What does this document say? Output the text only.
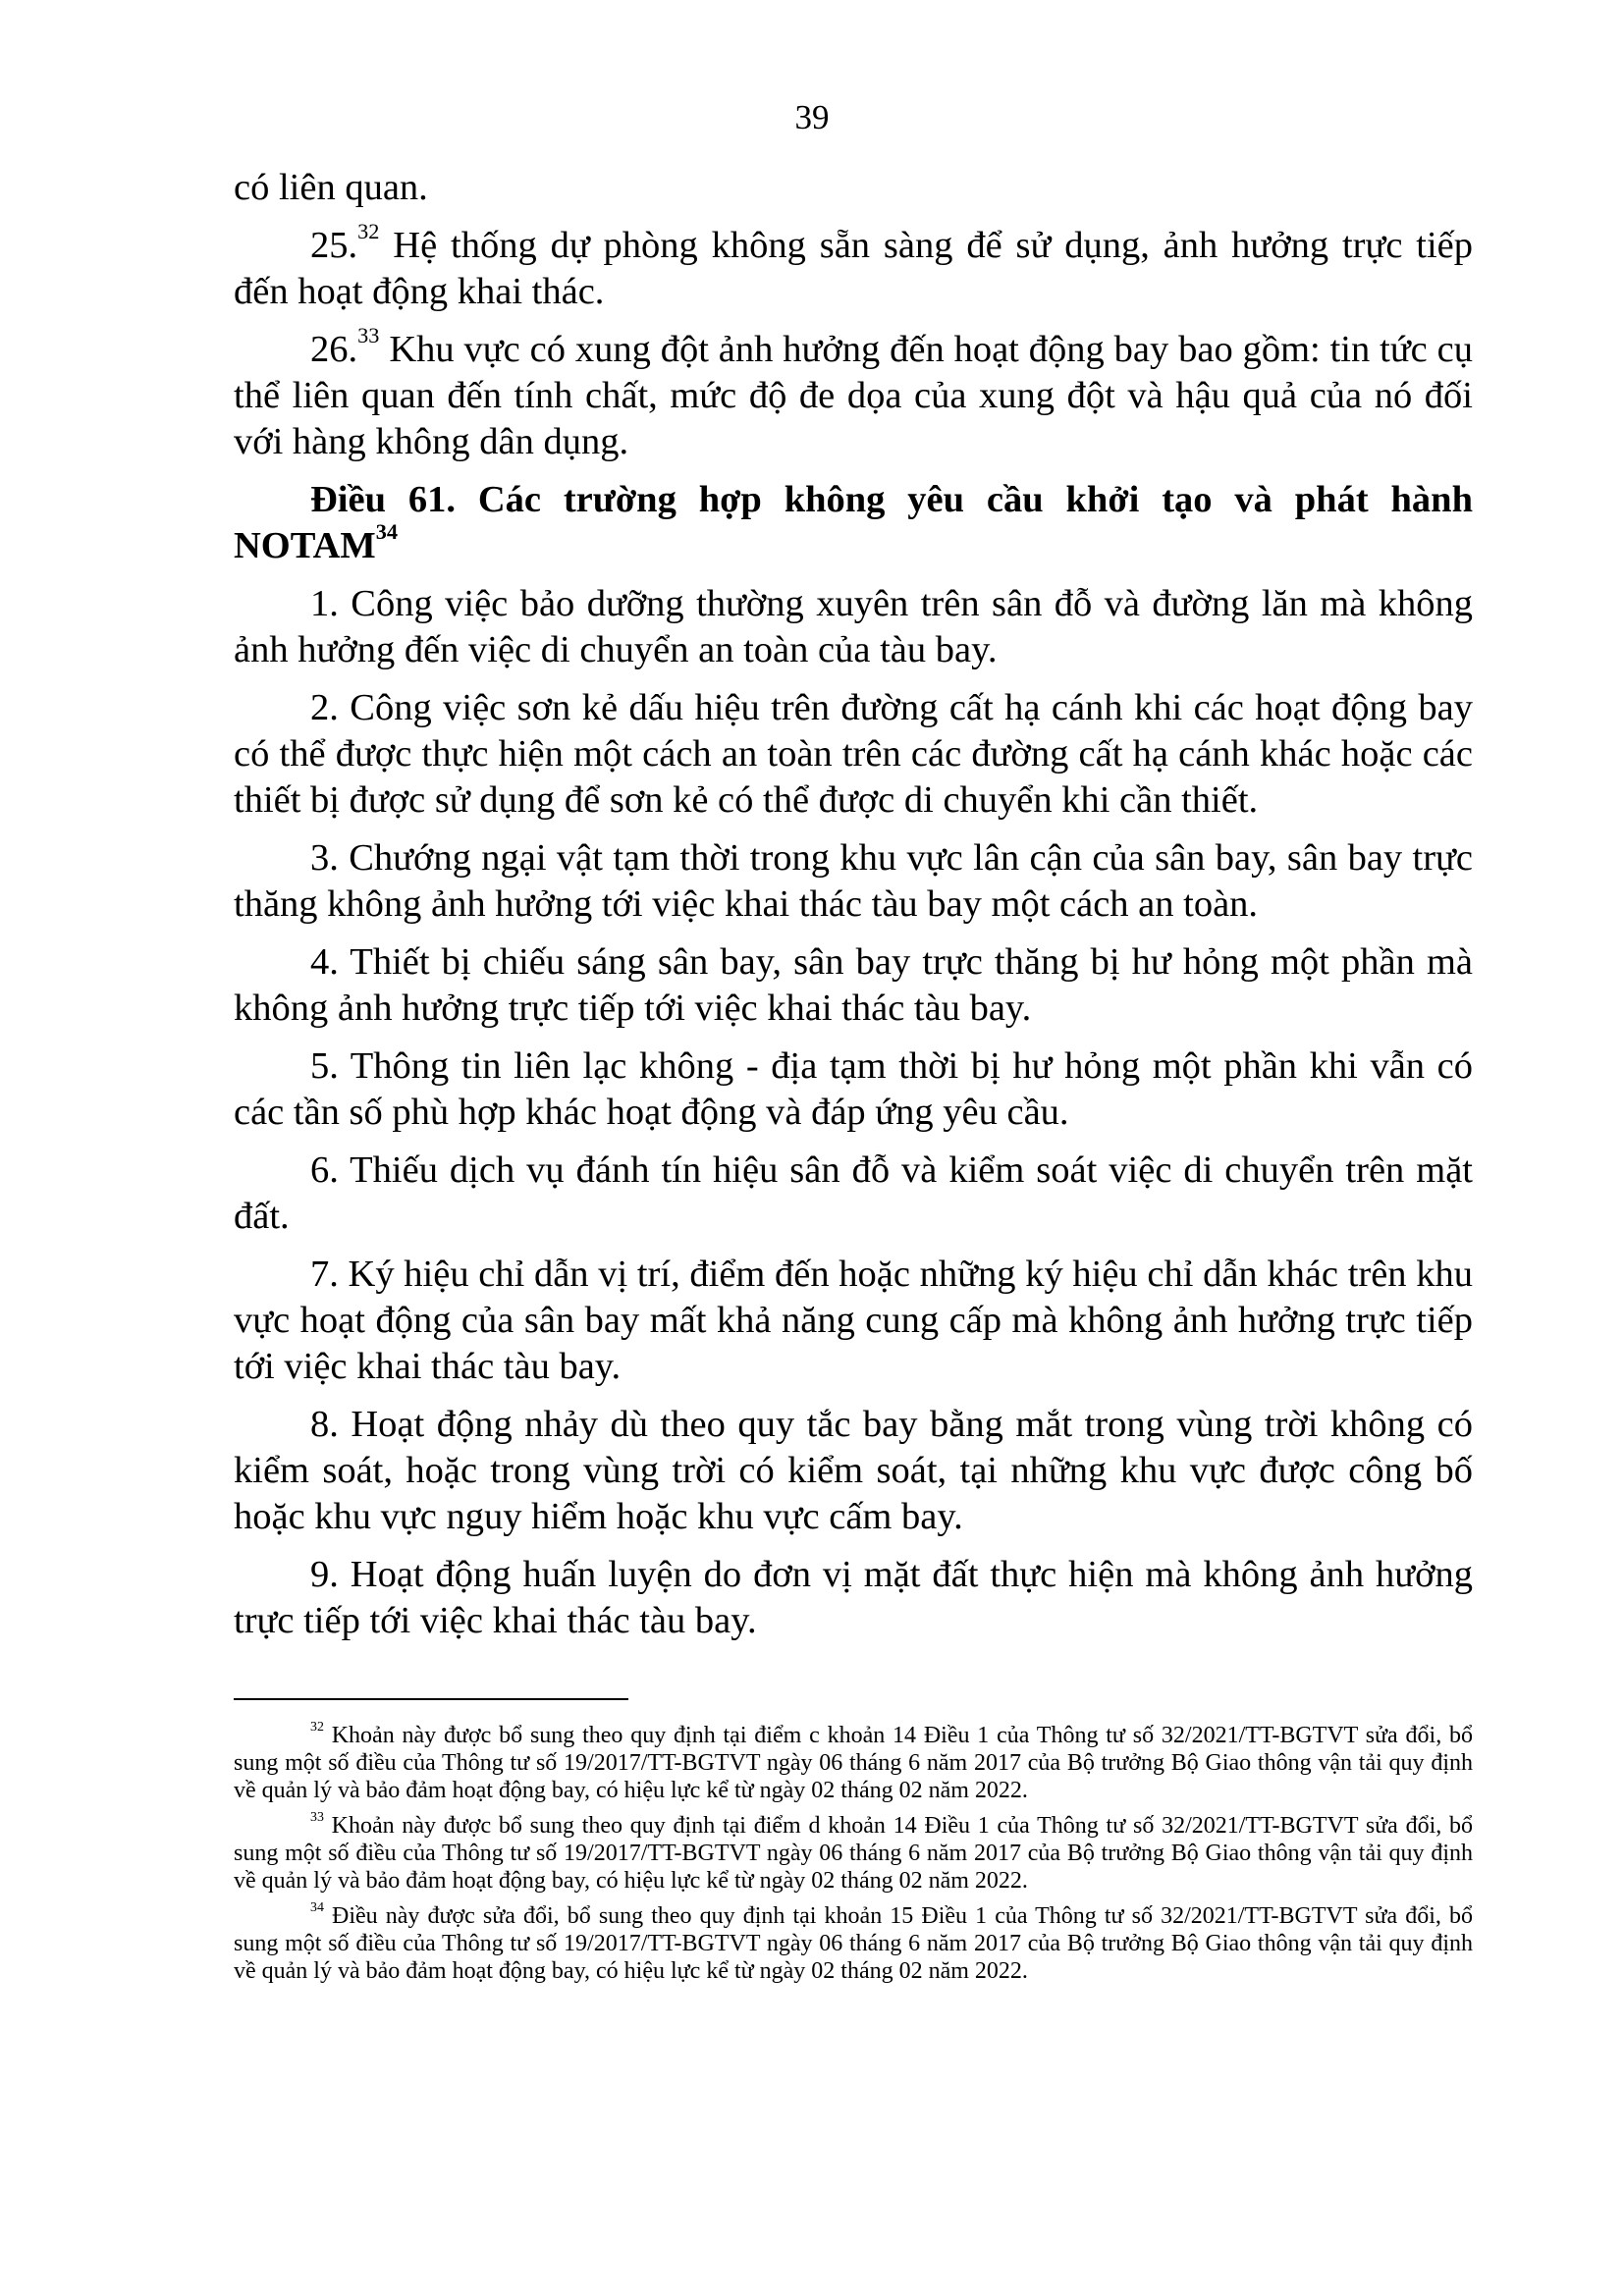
39

có liên quan.

25.32 Hệ thống dự phòng không sẵn sàng để sử dụng, ảnh hưởng trực tiếp đến hoạt động khai thác.

26.33 Khu vực có xung đột ảnh hưởng đến hoạt động bay bao gồm: tin tức cụ thể liên quan đến tính chất, mức độ đe dọa của xung đột và hậu quả của nó đối với hàng không dân dụng.

Điều 61. Các trường hợp không yêu cầu khởi tạo và phát hành NOTAM$^{34}$

1. Công việc bảo dưỡng thường xuyên trên sân đỗ và đường lăn mà không ảnh hưởng đến việc di chuyển an toàn của tàu bay.

2. Công việc sơn kẻ dấu hiệu trên đường cất hạ cánh khi các hoạt động bay có thể được thực hiện một cách an toàn trên các đường cất hạ cánh khác hoặc các thiết bị được sử dụng để sơn kẻ có thể được di chuyển khi cần thiết.

3. Chướng ngại vật tạm thời trong khu vực lân cận của sân bay, sân bay trực thăng không ảnh hưởng tới việc khai thác tàu bay một cách an toàn.

4. Thiết bị chiếu sáng sân bay, sân bay trực thăng bị hư hỏng một phần mà không ảnh hưởng trực tiếp tới việc khai thác tàu bay.

5. Thông tin liên lạc không - địa tạm thời bị hư hỏng một phần khi vẫn có các tần số phù hợp khác hoạt động và đáp ứng yêu cầu.

6. Thiếu dịch vụ đánh tín hiệu sân đỗ và kiểm soát việc di chuyển trên mặt đất.

7. Ký hiệu chỉ dẫn vị trí, điểm đến hoặc những ký hiệu chỉ dẫn khác trên khu vực hoạt động của sân bay mất khả năng cung cấp mà không ảnh hưởng trực tiếp tới việc khai thác tàu bay.

8. Hoạt động nhảy dù theo quy tắc bay bằng mắt trong vùng trời không có kiểm soát, hoặc trong vùng trời có kiểm soát, tại những khu vực được công bố hoặc khu vực nguy hiểm hoặc khu vực cấm bay.

9. Hoạt động huấn luyện do đơn vị mặt đất thực hiện mà không ảnh hưởng trực tiếp tới việc khai thác tàu bay.

$^{32}$ Khoản này được bổ sung theo quy định tại điểm c khoản 14 Điều 1 của Thông tư số 32/2021/TT-BGTVT sửa đổi, bổ sung một số điều của Thông tư số 19/2017/TT-BGTVT ngày 06 tháng 6 năm 2017 của Bộ trưởng Bộ Giao thông vận tải quy định về quản lý và bảo đảm hoạt động bay, có hiệu lực kể từ ngày 02 tháng 02 năm 2022.

$^{33}$ Khoản này được bổ sung theo quy định tại điểm d khoản 14 Điều 1 của Thông tư số 32/2021/TT-BGTVT sửa đổi, bổ sung một số điều của Thông tư số 19/2017/TT-BGTVT ngày 06 tháng 6 năm 2017 của Bộ trưởng Bộ Giao thông vận tải quy định về quản lý và bảo đảm hoạt động bay, có hiệu lực kể từ ngày 02 tháng 02 năm 2022.

$^{34}$ Điều này được sửa đổi, bổ sung theo quy định tại khoản 15 Điều 1 của Thông tư số 32/2021/TT-BGTVT sửa đổi, bổ sung một số điều của Thông tư số 19/2017/TT-BGTVT ngày 06 tháng 6 năm 2017 của Bộ trưởng Bộ Giao thông vận tải quy định về quản lý và bảo đảm hoạt động bay, có hiệu lực kể từ ngày 02 tháng 02 năm 2022.
